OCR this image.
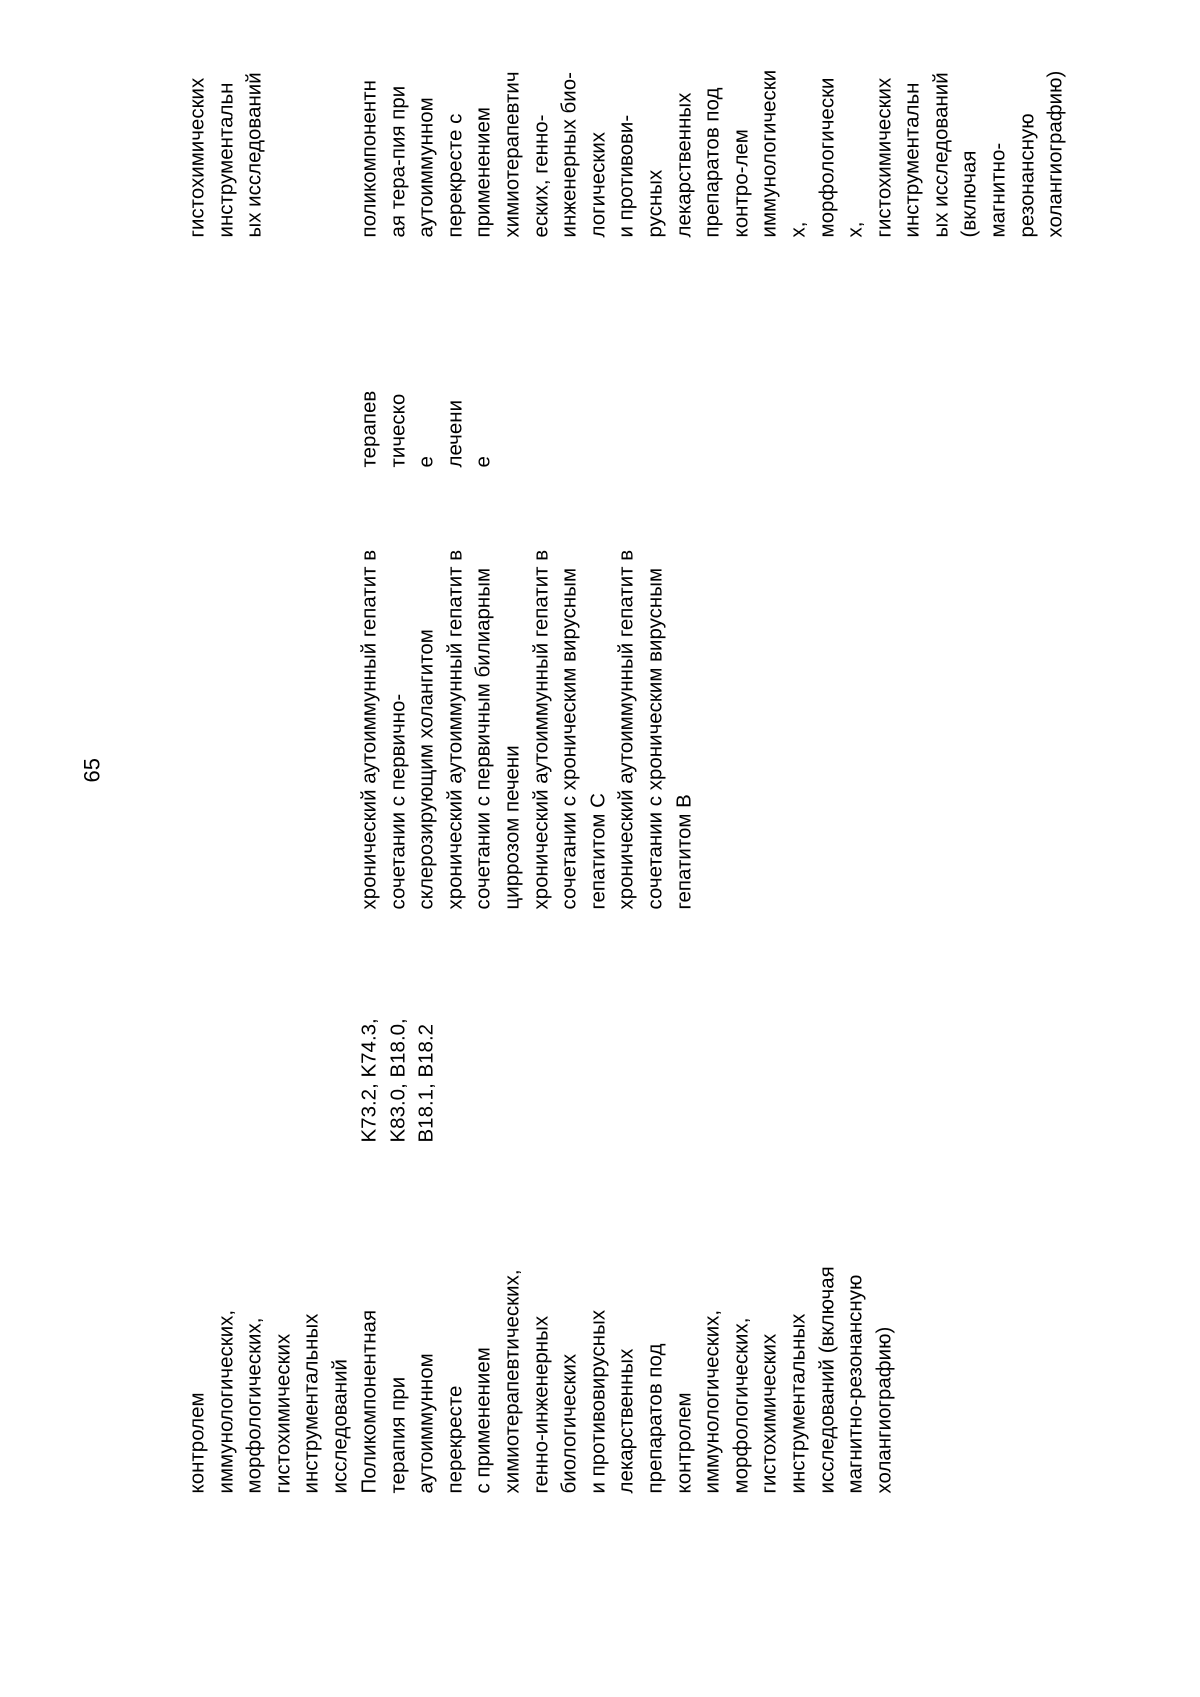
65
контролем иммунологических, морфологических, гистохимических инструментальных исследований
гистохимических инструментальн ых исследований
Поликомпонентная терапия при аутоиммунном перекресте с применением химиотерапевтических, генно-инженерных биологических и противовирусных лекарственных препаратов под контролем иммунологических, морфологических, гистохимических инструментальных исследований (включая магнитно-резонансную холангиографию)
K73.2, K74.3, K83.0, B18.0, B18.1, B18.2
хронический аутоиммунный гепатит в сочетании с первично- склерозирующим холангитом хронический аутоиммунный гепатит в сочетании с первичным билиарным циррозом печени хронический аутоиммунный гепатит в сочетании с хроническим вирусным гепатитом C хронический аутоиммунный гепатит в сочетании с хроническим вирусным гепатитом B
терапев тическо е лечени е
поликомпонентн ая тера-пия при аутоиммунном перекресте с применением химиотерапевтич еских, генно- инженерных био- логических и противови- русных лекарственных препаратов под контро-лем иммунологически х, морфологически х, гистохимических инструментальн ых исследований (включая магнитно- резонансную холангиографию)
